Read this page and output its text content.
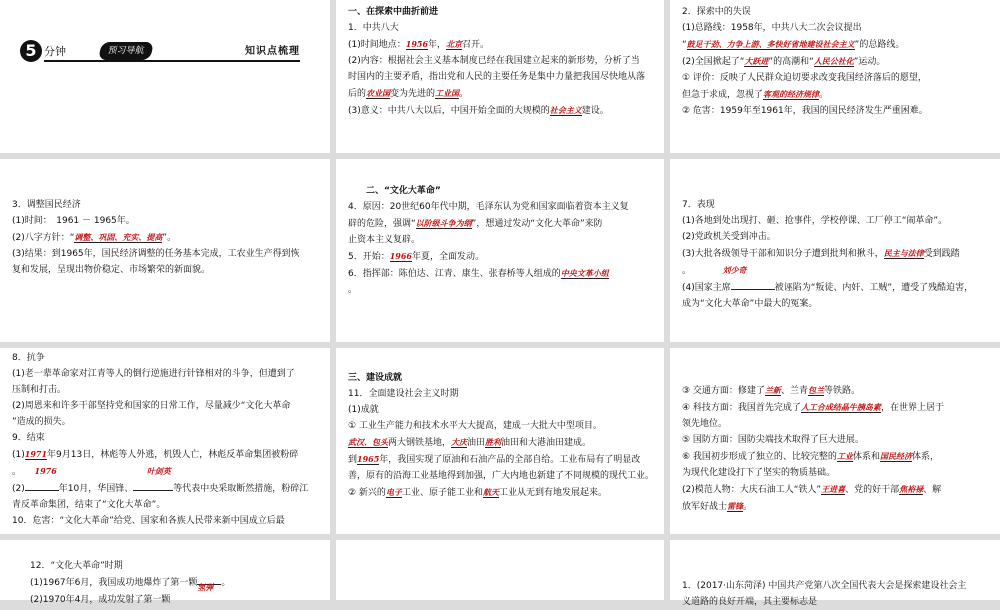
5 分钟	预习导航	知识点梳理

一、在探索中曲折前进

1．中共八大

(1)时间地点：1956年，北京召开。

(2)内容：根据社会主义基本制度已经在我国建立起来的新形势，分析了当

时国内的主要矛盾，指出党和人民的主要任务是集中力量把我国尽快地从落

后的农业国变为先进的工业国。

(3)意义：中共八大以后，中国开始全面的大规模的社会主义建设。

2．探索中的失误

(1)总路线：1958年，中共八大二次会议提出

“鼓足干劲、力争上游、多快好省地建设社会主义”的总路线。

(2)全国掀起了“大跃进”的高潮和“人民公社化”运动。

① 评价：反映了人民群众迫切要求改变我国经济落后的愿望，

但急于求成，忽视了客观的经济规律。

② 危害：1959年至1961年，我国的国民经济发生严重困难。

3．调整国民经济

(1)时间：　1961 － 1965年。

(2)八字方针：“调整、巩固、充实、提高”。

(3)结果：到1965年，国民经济调整的任务基本完成，工农业生产得到恢

复和发展，呈现出物价稳定、市场繁荣的新面貌。

二、“文化大革命”

4．原因：20世纪60年代中期，毛泽东认为党和国家面临着资本主义复

辟的危险，强调“以阶级斗争为纲”，想通过发动“文化大革命”来防

止资本主义复辟。

5．开始：1966年夏，全面发动。

6．指挥部：陈伯达、江青、康生、张春桥等人组成的中央文革小组

。

7．表现

(1)各地到处出现打、砸、抢事件，学校停课、工厂停工“闹革命”。

(2)党政机关受到冲击。

(3)大批各级领导干部和知识分子遭到批判和揪斗，民主与法律受到践踏

。　　　　	刘少奇

(4)国家主席	被诬陷为“叛徒、内奸、工贼”，遭受了残酷迫害，

成为“文化大革命”中最大的冤案。

8．抗争

(1)老一辈革命家对江青等人的倒行逆施进行针锋相对的斗争，但遭到了

压制和打击。

(2)周恩来和许多干部坚持党和国家的日常工作，尽量减少“文化大革命

”造成的损失。

9．结束

(1)1971年9月13日，林彪等人外逃，机毁人亡，林彪反革命集团被粉碎

。　　 1976　　　　　　　　　　	叶剑英

(2)	年10月，华国锋、	等代表中央采取断然措施，粉碎江

青反革命集团，结束了“文化大革命”。

10．危害：“文化大革命”给党、国家和各族人民带来新中国成立后最

三、建设成就

11．全面建设社会主义时期

(1)成就

① 工业生产能力和技术水平大大提高，建成一大批大中型项目。

武汉、包头两大钢铁基地，大庆油田胜利油田和大港油田建成。

到1965年，我国实现了原油和石油产品的全部自给。工业布局有了明显改

善，原有的沿海工业基地得到加强，广大内地也新建了不同规模的现代工业。

② 新兴的电子工业、原子能工业和航天工业从无到有地发展起来。

③ 交通方面：修建了兰新、兰青包兰等铁路。

④ 科技方面：我国首先完成了人工合成结晶牛胰岛素，在世界上居于

领先地位。

⑤ 国防方面：国防尖端技术取得了巨大进展。

⑥ 我国初步形成了独立的、比较完整的工业体系和国民经济体系，

为现代化建设打下了坚实的物质基础。

(2)模范人物：大庆石油工人“铁人”王进喜、党的好干部焦裕禄、解

放军好战士雷锋。

12．“文化大革命”时期

(1)1967年6月，我国成功地爆炸了第一颗	。

(2)1970年4月，成功发射了第一颗　　　氢弹	1．(2017·山东菏泽) 中国共产党第八次全国代表大会是探索建设社会主

义道路的良好开端，其主要标志是
